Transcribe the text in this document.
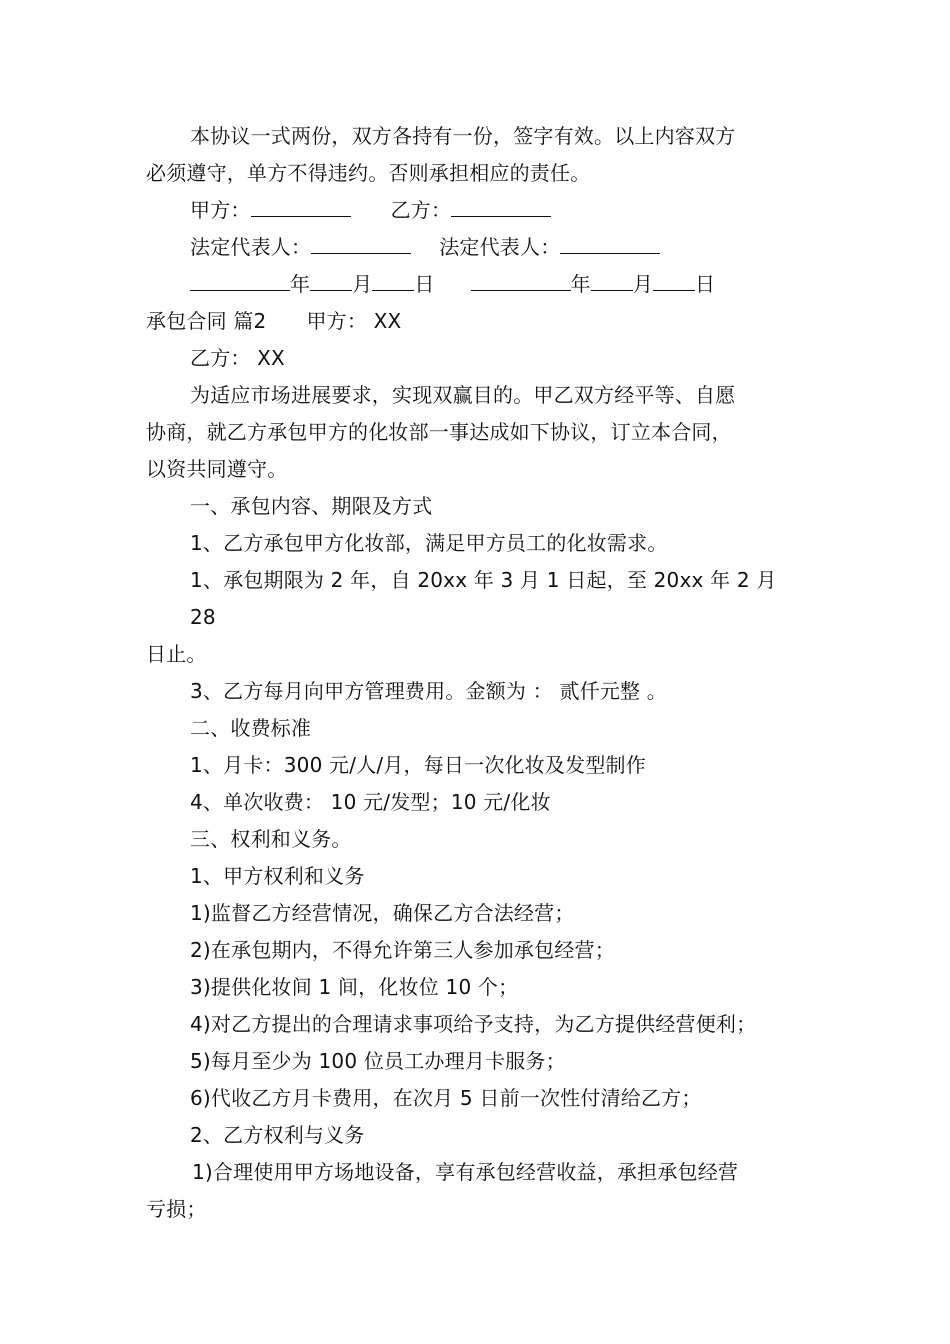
本协议一式两份，双方各持有一份，签字有效。以上内容双方

必须遵守，单方不得违约。否则承担相应的责任。

甲方：	乙方：

法定代表人：	法定代表人：

年 月 日	年 月 日

承包合同 篇2 甲方： XX

乙方： XX

为适应市场进展要求，实现双赢目的。甲乙双方经平等、自愿

协商，就乙方承包甲方的化妆部一事达成如下协议，订立本合同，

以资共同遵守。

一、承包内容、期限及方式

1、乙方承包甲方化妆部，满足甲方员工的化妆需求。

1、承包期限为 2 年，自 20xx 年 3 月 1 日起，至 20xx 年 2 月 28

日止。

3、乙方每月向甲方管理费用。金额为 ： 贰仟元整 。

二、收费标准

1、月卡：300 元/人/月，每日一次化妆及发型制作

4、单次收费： 10 元/发型；10 元/化妆

三、权利和义务。

1、甲方权利和义务

1)监督乙方经营情况，确保乙方合法经营；

2)在承包期内，不得允许第三人参加承包经营；

3)提供化妆间 1 间，化妆位 10 个；

4)对乙方提出的合理请求事项给予支持，为乙方提供经营便利；

5)每月至少为 100 位员工办理月卡服务；

6)代收乙方月卡费用，在次月 5 日前一次性付清给乙方；

2、乙方权利与义务

1)合理使用甲方场地设备，享有承包经营收益，承担承包经营

亏损；
